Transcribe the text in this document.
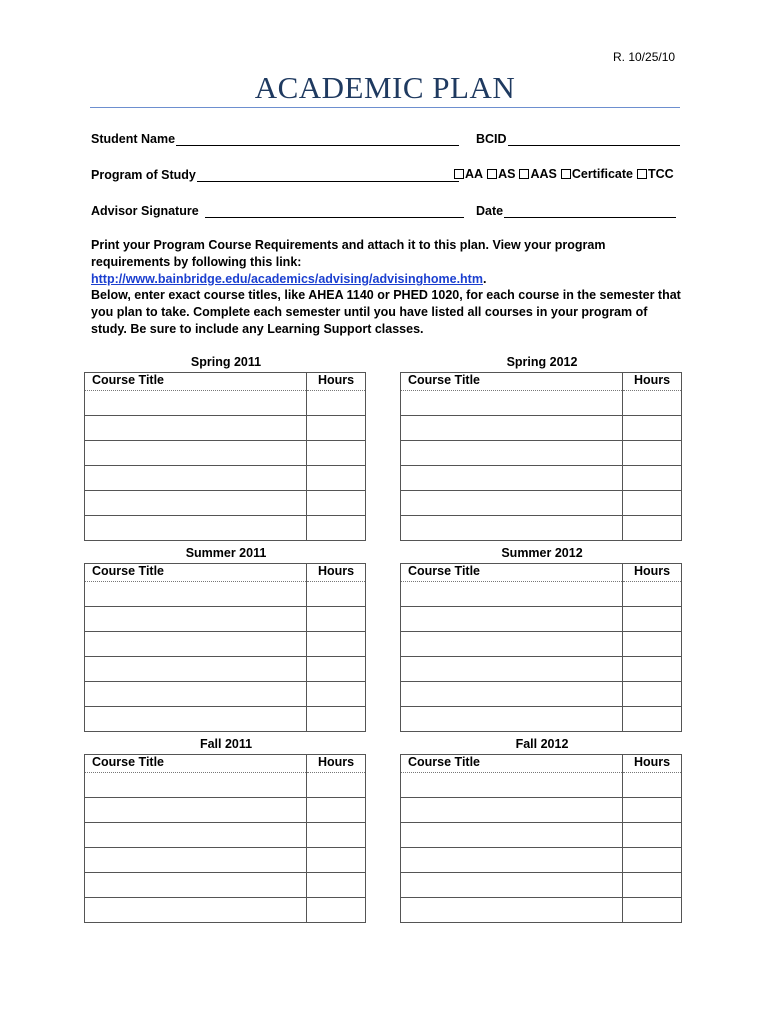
R. 10/25/10
ACADEMIC PLAN
Student Name	BCID
Program of Study	AA AS AAS Certificate TCC
Advisor Signature	Date
Print your Program Course Requirements and attach it to this plan. View your program requirements by following this link: http://www.bainbridge.edu/academics/advising/advisinghome.htm.
Below, enter exact course titles, like AHEA 1140 or PHED 1020, for each course in the semester that you plan to take. Complete each semester until you have listed all courses in your program of study. Be sure to include any Learning Support classes.
Spring 2011
Course Title	Hours

Spring 2012
Course Title	Hours

Summer 2011
Course Title	Hours

Summer 2012
Course Title	Hours

Fall 2011
Course Title	Hours

Fall 2012
Course Title	Hours
